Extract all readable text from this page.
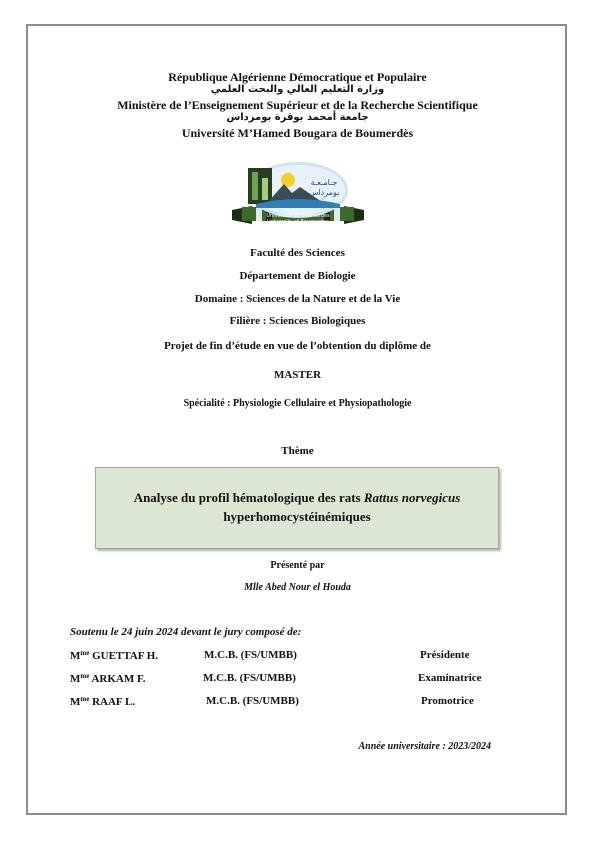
République Algérienne Démocratique et Populaire
وزارة التعليم العالي والبحث العلمي
Ministère de l’Enseignement Supérieur et de la Recherche Scientifique
جامعة أمحمد بوقرة بومرداس
Université M’Hamed Bougara de Boumerdès
جـامـعـة
بومرداس
Université de Boumerdes
University of Boumerdes
Faculté des Sciences
Département de Biologie
Domaine : Sciences de la Nature et de la Vie
Filière : Sciences Biologiques
Projet de fin d’étude en vue de l’obtention du diplôme de
MASTER
Spécialité : Physiologie Cellulaire et Physiopathologie
Thème
Analyse du profil hématologique des rats Rattus norvegicus
hyperhomocystéinémiques
Présenté par
Mlle Abed Nour el Houda
Soutenu le 24 juin 2024 devant le jury composé de:
$M^{me}$ GUETTAF H.	M.C.B. (FS/UMBB)	Présidente
$M^{me}$ ARKAM F.	M.C.B. (FS/UMBB)	Examinatrice
$M^{me}$ RAAF L.	M.C.B. (FS/UMBB)	Promotrice
Année universitaire : 2023/2024
